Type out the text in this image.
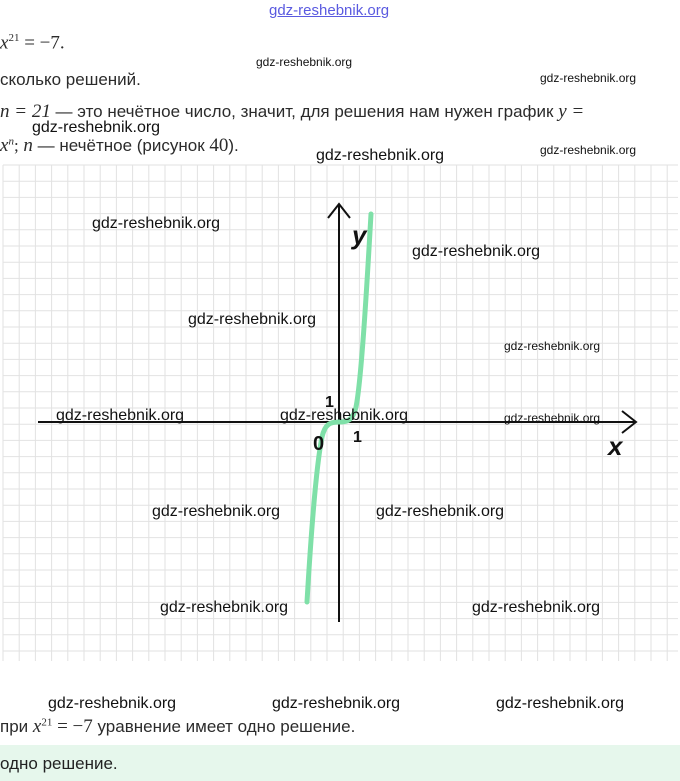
gdz-reshebnik.org
$x^{21} = -7$.
сколько решений.
n = 21 — это нечётное число, значит, для решения нам нужен график y =
$x^n$; n — нечётное (рисунок 40).
y
x
0 1
1
gdz-reshebnik.org
gdz-reshebnik.org
gdz-reshebnik.org
gdz-reshebnik.org	gdz-reshebnik.org
gdz-reshebnik.org
gdz-reshebnik.org
gdz-reshebnik.org
gdz-reshebnik.org
gdz-reshebnik.org	gdz-reshebnik.org	gdz-reshebnik.org
gdz-reshebnik.org	gdz-reshebnik.org
gdz-reshebnik.org	gdz-reshebnik.org
gdz-reshebnik.org	gdz-reshebnik.org	gdz-reshebnik.org
при $x^{21} = -7$ уравнение имеет одно решение.
одно решение.
